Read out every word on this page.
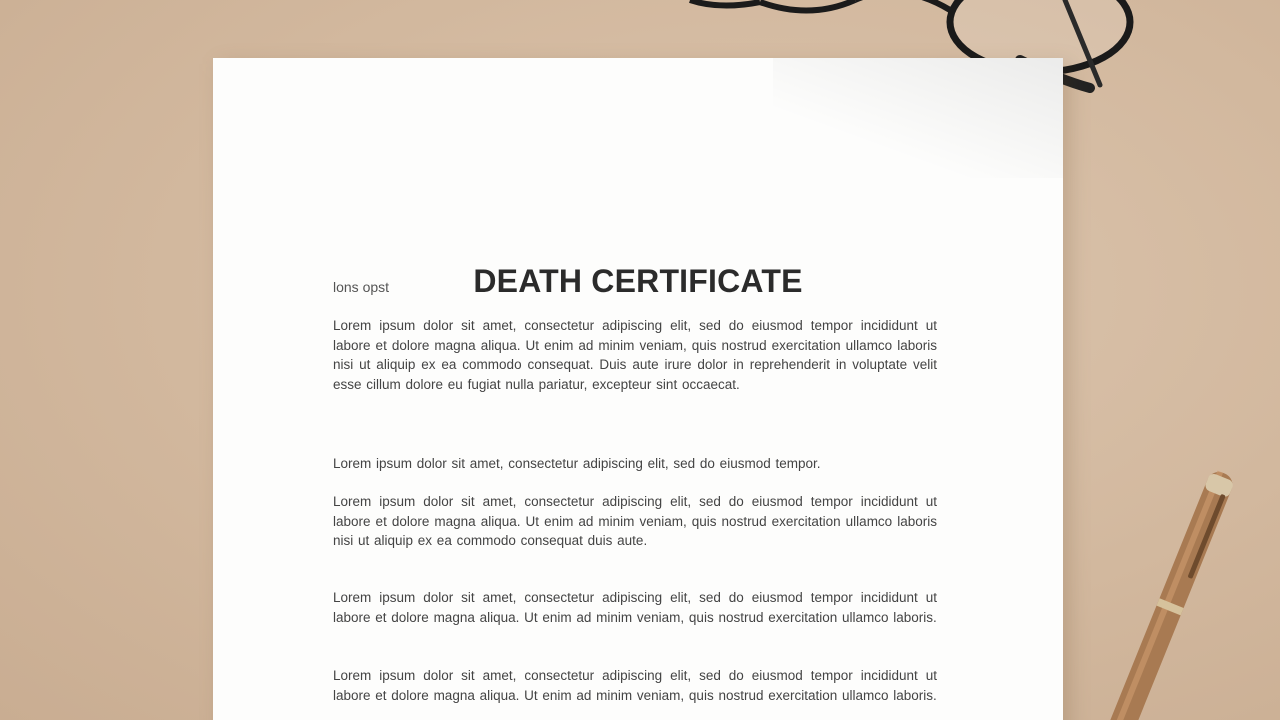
DEATH CERTIFICATE

lons opst

Lorem ipsum dolor sit amet, consectetur adipiscing elit, sed do eiusmod tempor incididunt ut labore et dolore magna aliqua. Ut enim ad minim veniam, quis nostrud exercitation ullamco laboris nisi ut aliquip ex ea commodo consequat. Duis aute irure dolor in reprehenderit in voluptate velit esse cillum dolore eu fugiat nulla pariatur, excepteur sint occaecat.

Lorem ipsum dolor sit amet, consectetur adipiscing elit, sed do eiusmod tempor.

Lorem ipsum dolor sit amet, consectetur adipiscing elit, sed do eiusmod tempor incididunt ut labore et dolore magna aliqua. Ut enim ad minim veniam, quis nostrud exercitation ullamco laboris nisi ut aliquip ex ea commodo consequat duis aute.

Lorem ipsum dolor sit amet, consectetur adipiscing elit, sed do eiusmod tempor incididunt ut labore et dolore magna aliqua. Ut enim ad minim veniam, quis nostrud exercitation ullamco laboris.

Lorem ipsum dolor sit amet, consectetur adipiscing elit, sed do eiusmod tempor incididunt ut labore et dolore magna aliqua. Ut enim ad minim veniam, quis nostrud exercitation ullamco laboris.
